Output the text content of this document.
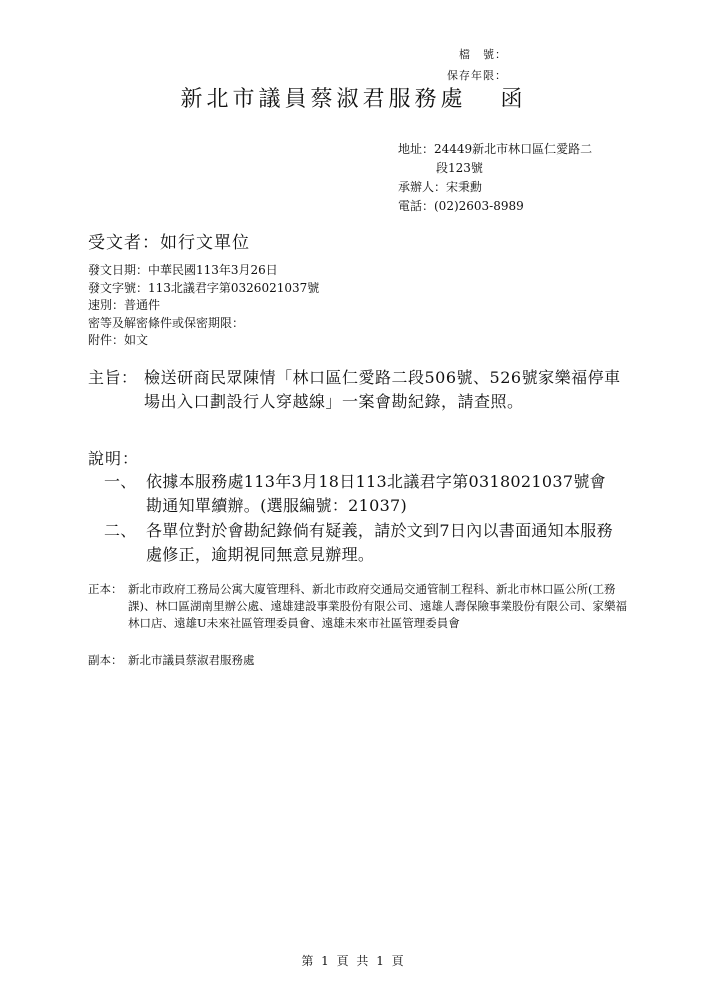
檔　號：
保存年限：
新北市議員蔡淑君服務處 函
地址：24449新北市林口區仁愛路二
段123號
承辦人：宋秉勳
電話：(02)2603-8989
受文者：如行文單位
發文日期：中華民國113年3月26日
發文字號：113北議君字第0326021037號
速別：普通件
密等及解密條件或保密期限：
附件：如文
主旨： 檢送研商民眾陳情「林口區仁愛路二段506號、526號家樂福停車場出入口劃設行人穿越線」一案會勘紀錄，請查照。
說明：
一、 依據本服務處113年3月18日113北議君字第0318021037號會勘通知單續辦。(選服編號：21037)
二、 各單位對於會勘紀錄倘有疑義，請於文到7日內以書面通知本服務處修正，逾期視同無意見辦理。
正本： 新北市政府工務局公寓大廈管理科、新北市政府交通局交通管制工程科、新北市林口區公所(工務課)、林口區湖南里辦公處、遠雄建設事業股份有限公司、遠雄人壽保險事業股份有限公司、家樂福林口店、遠雄U未來社區管理委員會、遠雄未來市社區管理委員會
副本： 新北市議員蔡淑君服務處
第 1 頁 共 1 頁
